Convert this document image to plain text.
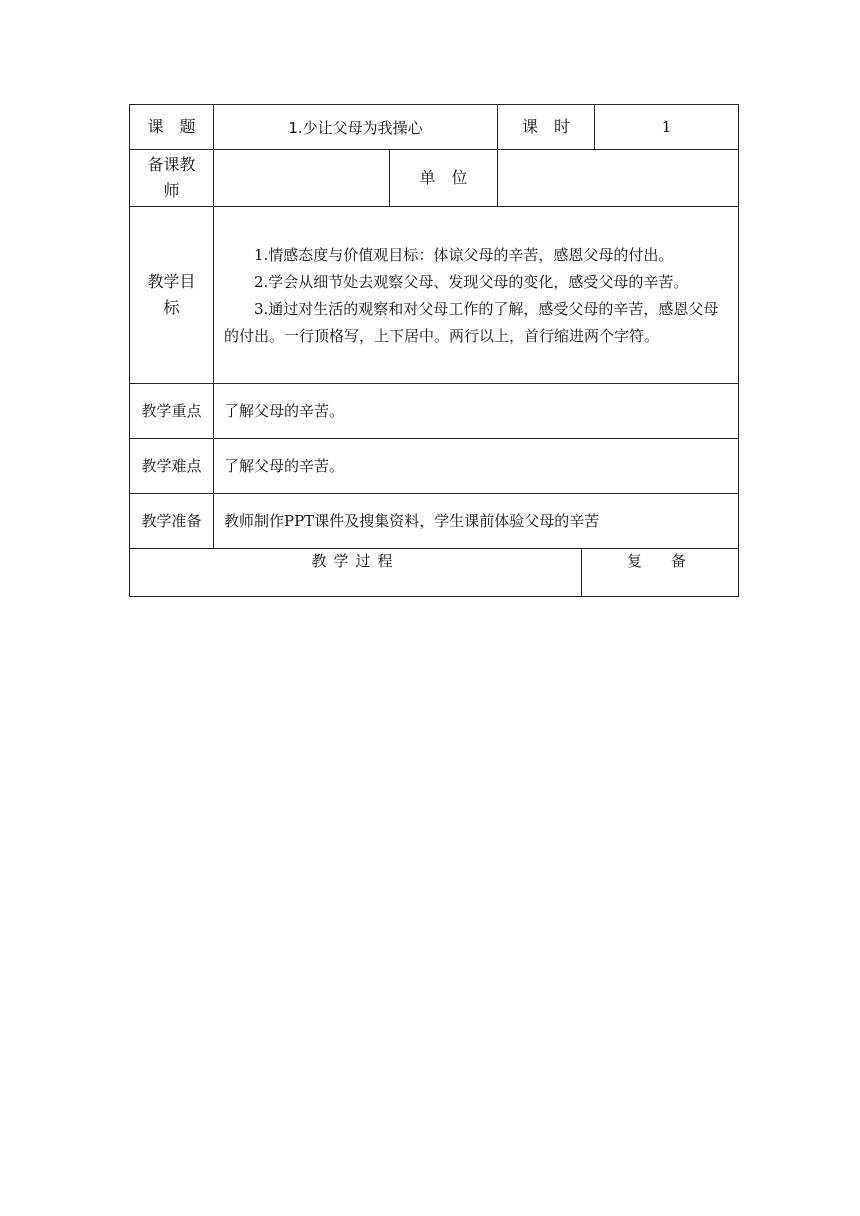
课　题	1.少让父母为我操心		课　时	1
备课教师		单　位		
教学目标	1.情感态度与价值观目标：体谅父母的辛苦，感恩父母的付出。

2.学会从细节处去观察父母、发现父母的变化，感受父母的辛苦。

3.通过对生活的观察和对父母工作的了解，感受父母的辛苦，感恩父母的付出。一行顶格写，上下居中。两行以上，首行缩进两个字符。			

教学重点	了解父母的辛苦。			
教学难点	了解父母的辛苦。			
教学准备	教师制作PPT课件及搜集资料，学生课前体验父母的辛苦			
教学过程	复　备
